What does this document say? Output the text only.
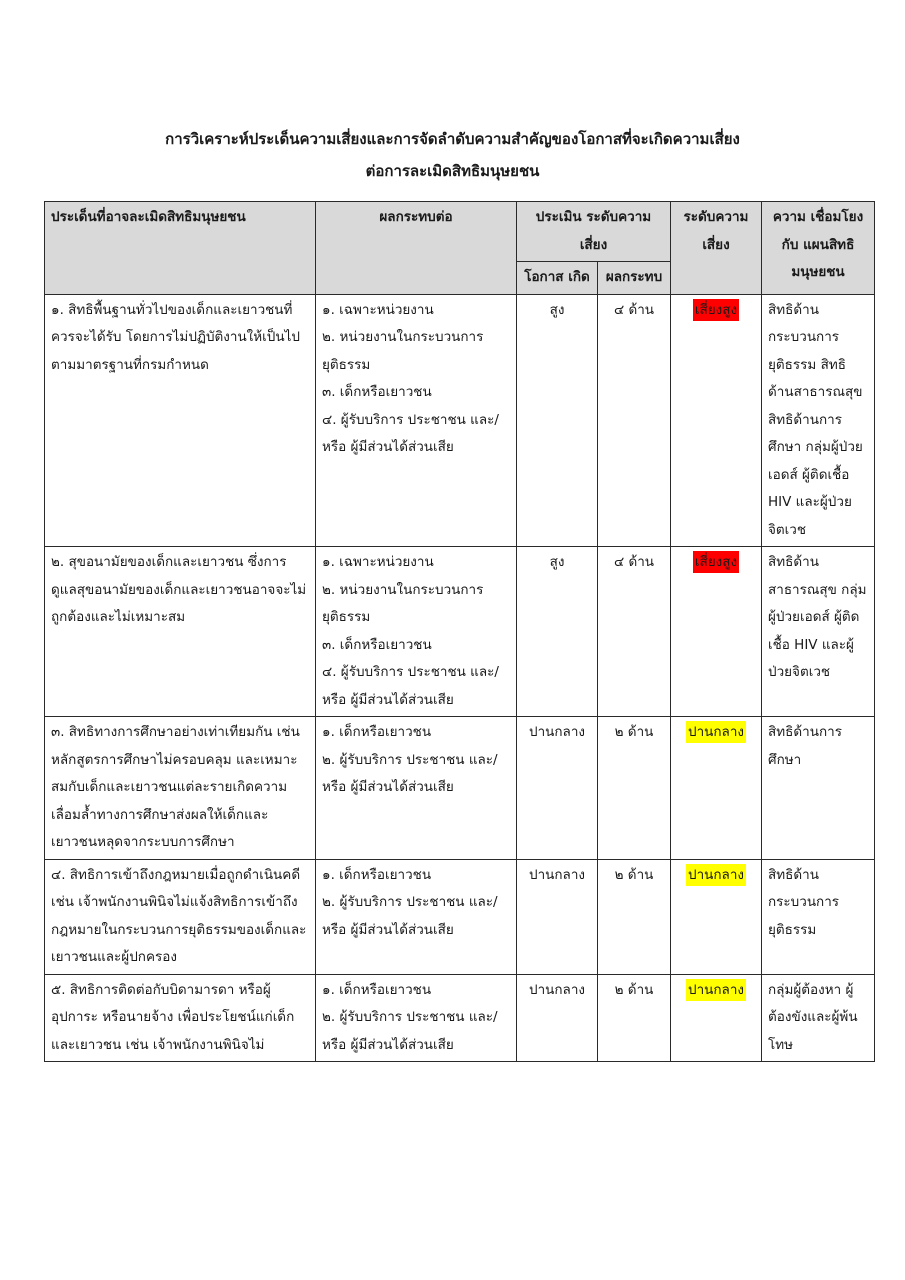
การวิเคราะห์ประเด็นความเสี่ยงและการจัดลำดับความสำคัญของโอกาสที่จะเกิดความเสี่ยง
ต่อการละเมิดสิทธิมนุษยชน
ประเด็นที่อาจละเมิดสิทธิมนุษยชน	ผลกระทบต่อ	ประเมิน ระดับความเสี่ยง		ระดับความ เสี่ยง	ความ เชื่อมโยงกับ แผนสิทธิ มนุษยชน
		โอกาส เกิด	ผลกระทบ		
๑. สิทธิพื้นฐานทั่วไปของเด็กและเยาวชนที่ควรจะได้รับ โดยการไม่ปฏิบัติงานให้เป็นไปตามมาตรฐานที่กรมกำหนด	๑. เฉพาะหน่วยงาน
๒. หน่วยงานในกระบวนการยุติธรรม
๓. เด็กหรือเยาวชน
๔. ผู้รับบริการ ประชาชน และ/หรือ ผู้มีส่วนได้ส่วนเสีย	สูง	๔ ด้าน	เสี่ยงสูง	สิทธิด้านกระบวนการยุติธรรม สิทธิด้านสาธารณสุข สิทธิด้านการศึกษา กลุ่มผู้ป่วยเอดส์ ผู้ติดเชื้อ HIV และผู้ป่วยจิตเวช
๒. สุขอนามัยของเด็กและเยาวชน ซึ่งการดูแลสุขอนามัยของเด็กและเยาวชนอาจจะไม่ถูกต้องและไม่เหมาะสม	๑. เฉพาะหน่วยงาน
๒. หน่วยงานในกระบวนการยุติธรรม
๓. เด็กหรือเยาวชน
๔. ผู้รับบริการ ประชาชน และ/หรือ ผู้มีส่วนได้ส่วนเสีย	สูง	๔ ด้าน	เสี่ยงสูง	สิทธิด้านสาธารณสุข กลุ่มผู้ป่วยเอดส์ ผู้ติดเชื้อ HIV และผู้ป่วยจิตเวช
๓. สิทธิทางการศึกษาอย่างเท่าเทียมกัน เช่น หลักสูตรการศึกษาไม่ครอบคลุม และเหมาะสมกับเด็กและเยาวชนแต่ละรายเกิดความเลื่อมล้ำทางการศึกษาส่งผลให้เด็กและเยาวชนหลุดจากระบบการศึกษา	๑. เด็กหรือเยาวชน
๒. ผู้รับบริการ ประชาชน และ/หรือ ผู้มีส่วนได้ส่วนเสีย	ปานกลาง	๒ ด้าน	ปานกลาง	สิทธิด้านการศึกษา
๔. สิทธิการเข้าถึงกฎหมายเมื่อถูกดำเนินคดี เช่น เจ้าพนักงานพินิจไม่แจ้งสิทธิการเข้าถึงกฎหมายในกระบวนการยุติธรรมของเด็กและเยาวชนและผู้ปกครอง	๑. เด็กหรือเยาวชน
๒. ผู้รับบริการ ประชาชน และ/หรือ ผู้มีส่วนได้ส่วนเสีย	ปานกลาง	๒ ด้าน	ปานกลาง	สิทธิด้านกระบวนการยุติธรรม
๕. สิทธิการติดต่อกับบิดามารดา หรือผู้อุปการะ หรือนายจ้าง เพื่อประโยชน์แก่เด็กและเยาวชน เช่น เจ้าพนักงานพินิจไม่	๑. เด็กหรือเยาวชน
๒. ผู้รับบริการ ประชาชน และ/หรือ ผู้มีส่วนได้ส่วนเสีย	ปานกลาง	๒ ด้าน	ปานกลาง	กลุ่มผู้ต้องหา ผู้ต้องขังและผู้พ้นโทษ
